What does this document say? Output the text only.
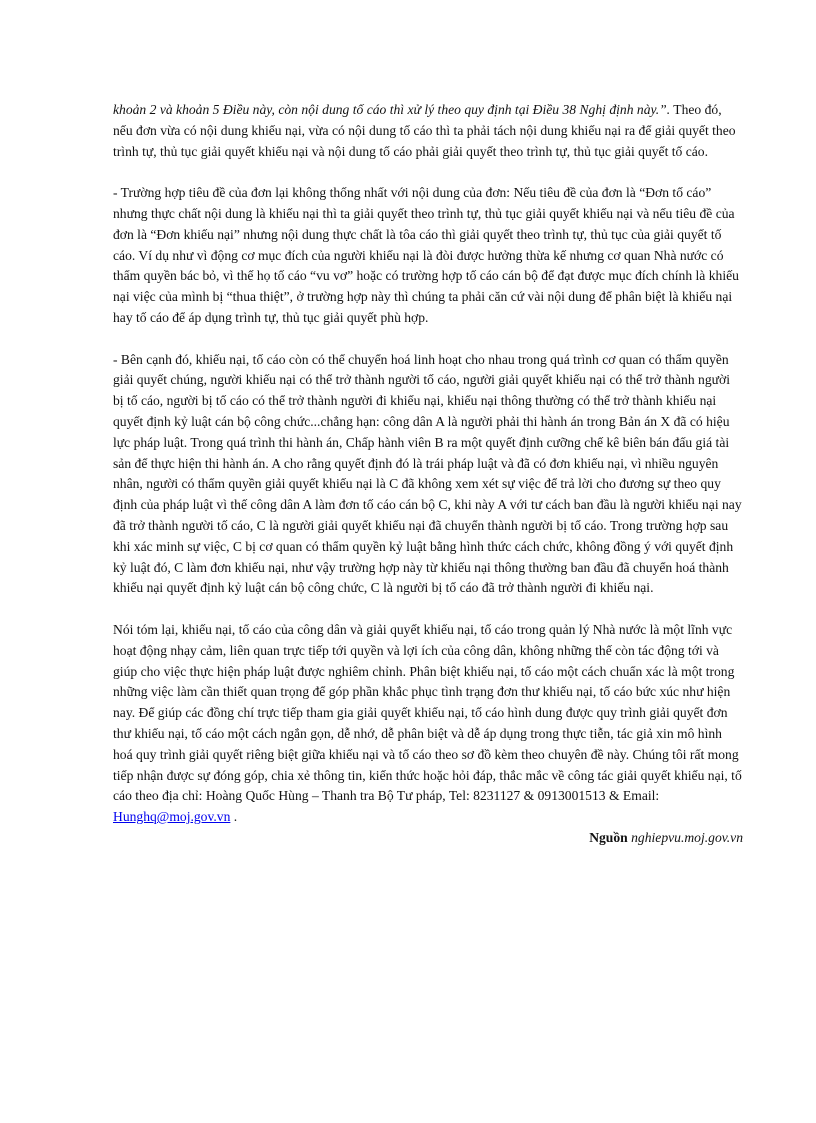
khoản 2 và khoản 5 Điều này, còn nội dung tố cáo thì xử lý theo quy định tại Điều 38 Nghị định này.”. Theo đó, nếu đơn vừa có nội dung khiếu nại, vừa có nội dung tố cáo thì ta phải tách nội dung khiếu nại ra để giải quyết theo trình tự, thủ tục giải quyết khiếu nại và nội dung tố cáo phải giải quyết theo trình tự, thủ tục giải quyết tố cáo.

- Trường hợp tiêu đề của đơn lại không thống nhất với nội dung của đơn: Nếu tiêu đề của đơn là “Đơn tố cáo” nhưng thực chất nội dung là khiếu nại thì ta giải quyết theo trình tự, thủ tục giải quyết khiếu nại và nếu tiêu đề của đơn là “Đơn khiếu nại” nhưng nội dung thực chất là tôa cáo thì giải quyết theo trình tự, thủ tục của giải quyết tố cáo. Ví dụ như vì động cơ mục đích của người khiếu nại là đòi được hưởng thừa kế nhưng cơ quan Nhà nước có thẩm quyền bác bỏ, vì thế họ tố cáo “vu vơ” hoặc có trường hợp tố cáo cán bộ để đạt được mục đích chính là khiếu nại việc của mình bị “thua thiệt”, ở trường hợp này thì chúng ta phải căn cứ vài nội dung để phân biệt là khiếu nại hay tố cáo để áp dụng trình tự, thủ tục giải quyết phù hợp.

- Bên cạnh đó, khiếu nại, tố cáo còn có thể chuyển hoá linh hoạt cho nhau trong quá trình cơ quan có thẩm quyền giải quyết chúng, người khiếu nại có thể trở thành người tố cáo, người giải quyết khiếu nại có thể trở thành người bị tố cáo, người bị tố cáo có thể trở thành người đi khiếu nại, khiếu nại thông thường có thể trở thành khiếu nại quyết định kỷ luật cán bộ công chức...chẳng hạn: công dân A là người phải thi hành án trong Bản án X đã có hiệu lực pháp luật. Trong quá trình thi hành án, Chấp hành viên B ra một quyết định cưỡng chế kê biên bán đấu giá tài sản để thực hiện thi hành án. A cho rằng quyết định đó là trái pháp luật và đã có đơn khiếu nại, vì nhiều nguyên nhân, người có thẩm quyền giải quyết khiếu nại là C đã không xem xét sự việc để trả lời cho đương sự theo quy định của pháp luật vì thế công dân A làm đơn tố cáo cán bộ C, khi này A với tư cách ban đầu là người khiếu nại nay đã trở thành người tố cáo, C là người giải quyết khiếu nại đã chuyển thành người bị tố cáo. Trong trường hợp sau khi xác minh sự việc, C bị cơ quan có thẩm quyền kỷ luật bằng hình thức cách chức, không đồng ý với quyết định kỷ luật đó, C làm đơn khiếu nại, như vậy trường hợp này từ khiếu nại thông thường ban đầu đã chuyển hoá thành khiếu nại quyết định kỷ luật cán bộ công chức, C là người bị tố cáo đã trở thành người đi khiếu nại.

Nói tóm lại, khiếu nại, tố cáo của công dân và giải quyết khiếu nại, tố cáo trong quản lý Nhà nước là một lĩnh vực hoạt động nhạy cảm, liên quan trực tiếp tới quyền và lợi ích của công dân, không những thế còn tác động tới và giúp cho việc thực hiện pháp luật được nghiêm chỉnh. Phân biệt khiếu nại, tố cáo một cách chuẩn xác là một trong những việc làm cần thiết quan trọng để góp phần khắc phục tình trạng đơn thư khiếu nại, tố cáo bức xúc như hiện nay. Để giúp các đồng chí trực tiếp tham gia giải quyết khiếu nại, tố cáo hình dung được quy trình giải quyết đơn thư khiếu nại, tố cáo một cách ngắn gọn, dễ nhớ, dễ phân biệt và dễ áp dụng trong thực tiễn, tác giả xin mô hình hoá quy trình giải quyết riêng biệt giữa khiếu nại và tố cáo theo sơ đồ kèm theo chuyên đề này. Chúng tôi rất mong tiếp nhận được sự đóng góp, chia xẻ thông tin, kiến thức hoặc hỏi đáp, thắc mắc về công tác giải quyết khiếu nại, tố cáo theo địa chỉ: Hoàng Quốc Hùng – Thanh tra Bộ Tư pháp, Tel: 8231127 & 0913001513 & Email: Hunghq@moj.gov.vn .

Nguồn nghiepvu.moj.gov.vn
